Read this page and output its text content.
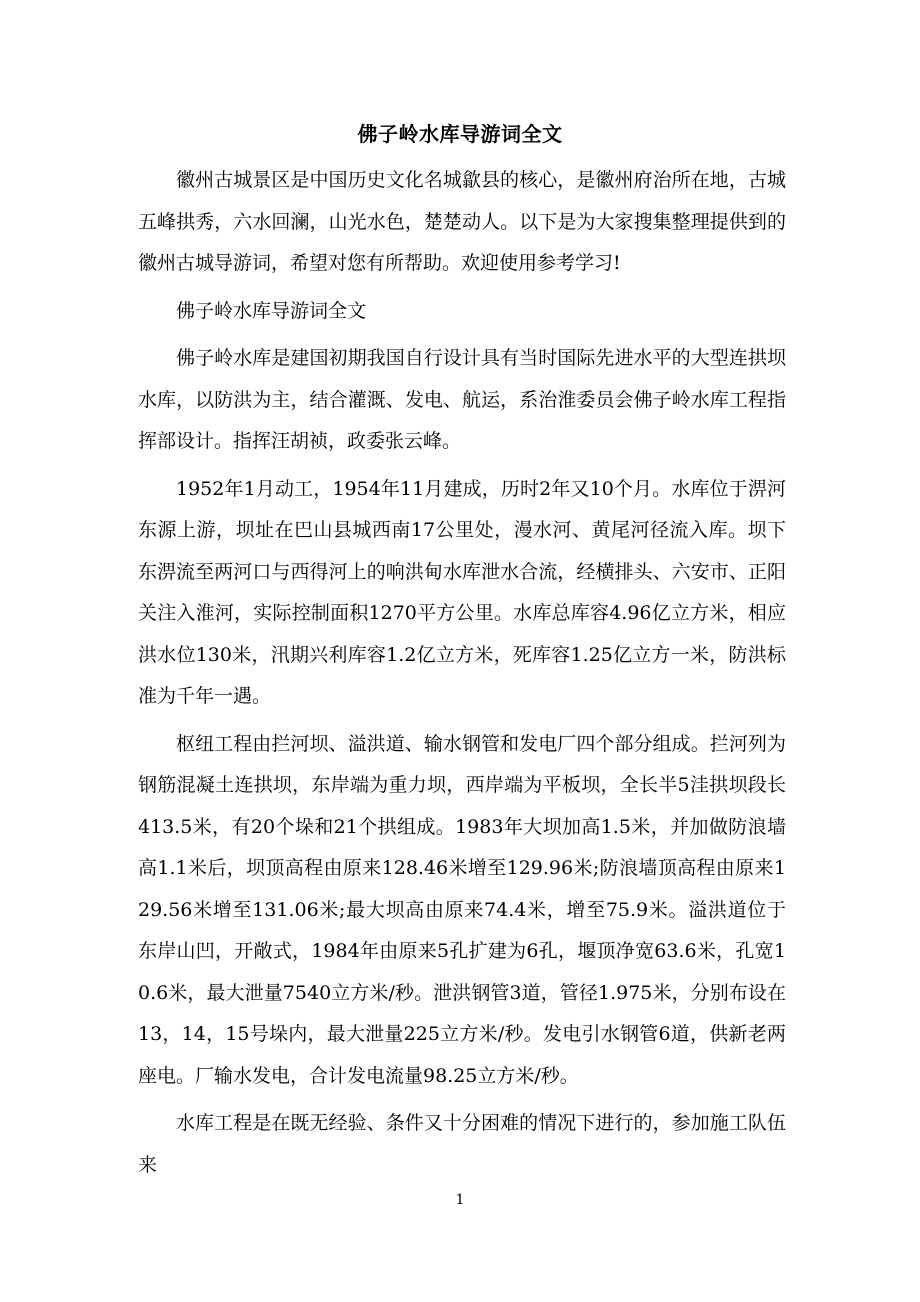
佛子岭水库导游词全文

徽州古城景区是中国历史文化名城歙县的核心，是徽州府治所在地，古城五峰拱秀，六水回澜，山光水色，楚楚动人。以下是为大家搜集整理提供到的徽州古城导游词，希望对您有所帮助。欢迎使用参考学习!

佛子岭水库导游词全文

佛子岭水库是建国初期我国自行设计具有当时国际先进水平的大型连拱坝水库，以防洪为主，结合灌溉、发电、航运，系治淮委员会佛子岭水库工程指挥部设计。指挥汪胡祯，政委张云峰。

1952年1月动工，1954年11月建成，历时2年又10个月。水库位于淠河东源上游，坝址在巴山县城西南17公里处，漫水河、黄尾河径流入库。坝下东淠流至两河口与西得河上的响洪甸水库泄水合流，经横排头、六安市、正阳关注入淮河，实际控制面积1270平方公里。水库总库容4.96亿立方米，相应洪水位130米，汛期兴利库容1.2亿立方米，死库容1.25亿立方一米，防洪标准为千年一遇。

枢纽工程由拦河坝、溢洪道、输水钢管和发电厂四个部分组成。拦河列为钢筋混凝土连拱坝，东岸端为重力坝，西岸端为平板坝，全长半5洼拱坝段长413.5米，有20个垛和21个拱组成。1983年大坝加高1.5米，并加做防浪墙高1.1米后，坝顶高程由原来128.46米增至129.96米;防浪墙顶高程由原来129.56米增至131.06米;最大坝高由原来74.4米，增至75.9米。溢洪道位于东岸山凹，开敞式，1984年由原来5孔扩建为6孔，堰顶净宽63.6米，孔宽10.6米，最大泄量7540立方米/秒。泄洪钢管3道，管径1.975米，分别布设在13，14，15号垛内，最大泄量225立方米/秒。发电引水钢管6道，供新老两座电。厂输水发电，合计发电流量98.25立方米/秒。

水库工程是在既无经验、条件又十分困难的情况下进行的，参加施工队伍来

1
